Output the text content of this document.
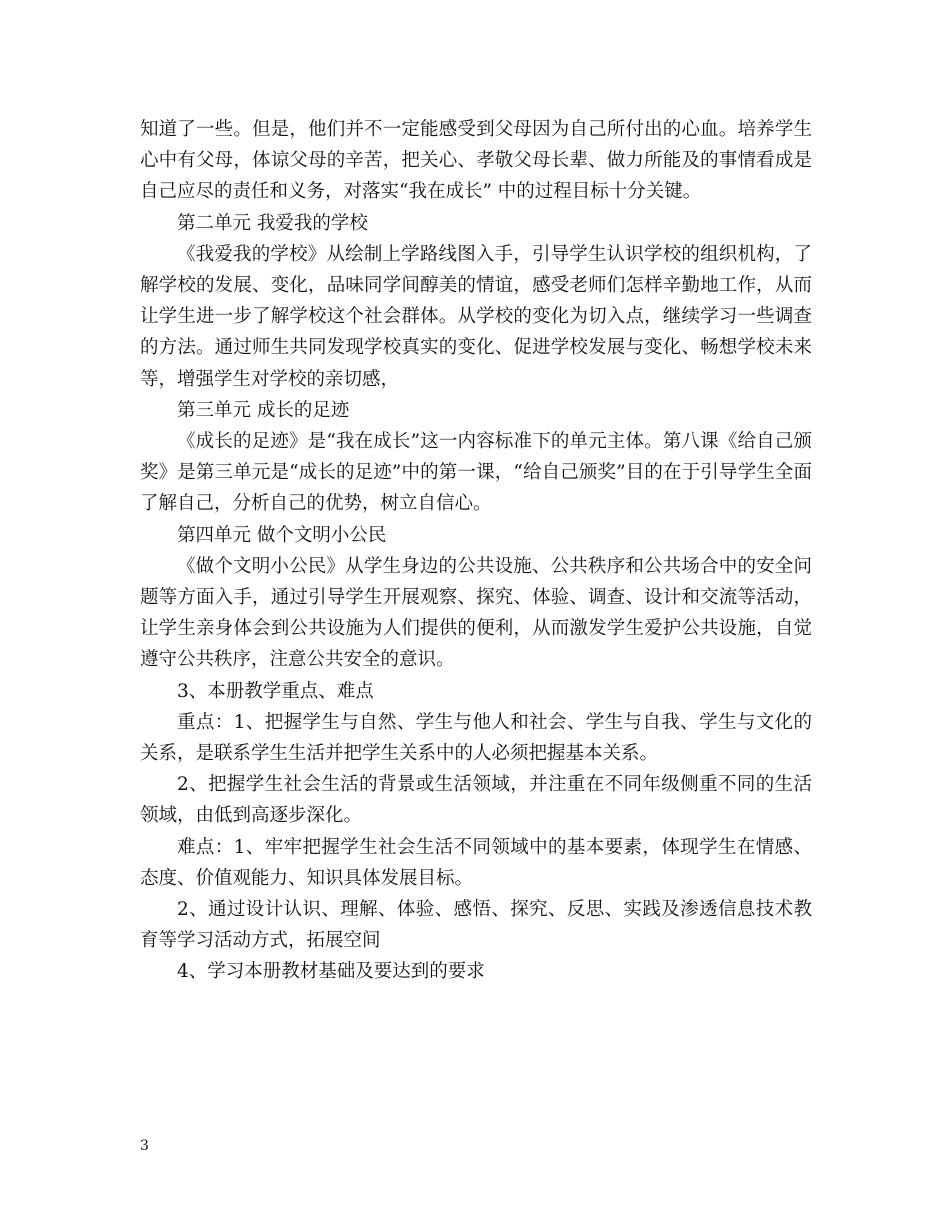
知道了一些。但是，他们并不一定能感受到父母因为自己所付出的心血。培养学生心中有父母，体谅父母的辛苦，把关心、孝敬父母长辈、做力所能及的事情看成是自己应尽的责任和义务，对落实“我在成长” 中的过程目标十分关键。

第二单元 我爱我的学校

《我爱我的学校》从绘制上学路线图入手，引导学生认识学校的组织机构，了解学校的发展、变化，品味同学间醇美的情谊，感受老师们怎样辛勤地工作，从而让学生进一步了解学校这个社会群体。从学校的变化为切入点，继续学习一些调查的方法。通过师生共同发现学校真实的变化、促进学校发展与变化、畅想学校未来等，增强学生对学校的亲切感，

第三单元 成长的足迹

《成长的足迹》是“我在成长”这一内容标准下的单元主体。第八课《给自己颁奖》是第三单元是“成长的足迹”中的第一课，“给自己颁奖”目的在于引导学生全面了解自己，分析自己的优势，树立自信心。

第四单元 做个文明小公民

《做个文明小公民》从学生身边的公共设施、公共秩序和公共场合中的安全问题等方面入手，通过引导学生开展观察、探究、体验、调查、设计和交流等活动，让学生亲身体会到公共设施为人们提供的便利，从而激发学生爱护公共设施，自觉遵守公共秩序，注意公共安全的意识。

3、本册教学重点、难点

重点：1、把握学生与自然、学生与他人和社会、学生与自我、学生与文化的关系，是联系学生生活并把学生关系中的人必须把握基本关系。

2、把握学生社会生活的背景或生活领域，并注重在不同年级侧重不同的生活领域，由低到高逐步深化。

难点：1、牢牢把握学生社会生活不同领域中的基本要素，体现学生在情感、态度、价值观能力、知识具体发展目标。

2、通过设计认识、理解、体验、感悟、探究、反思、实践及渗透信息技术教育等学习活动方式，拓展空间

4、学习本册教材基础及要达到的要求

3
